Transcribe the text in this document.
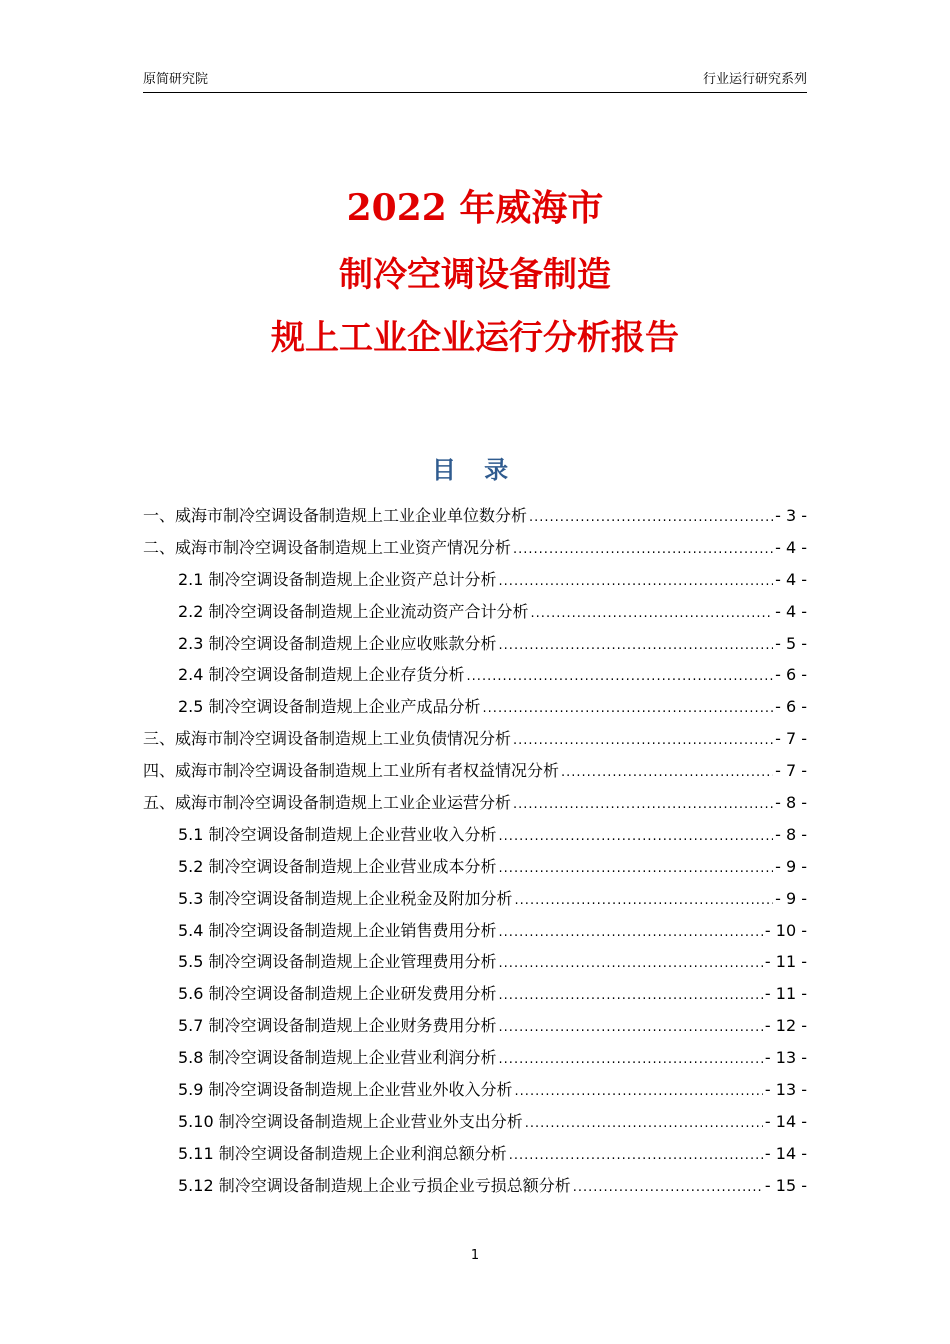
原简研究院	行业运行研究系列
2022 年威海市
制冷空调设备制造
规上工业企业运行分析报告
目 录
一、威海市制冷空调设备制造规上工业企业单位数分析 .....	- 3 -
二、威海市制冷空调设备制造规上工业资产情况分析 .....	- 4 -
2.1 制冷空调设备制造规上企业资产总计分析 .....	- 4 -
2.2 制冷空调设备制造规上企业流动资产合计分析 .....	- 4 -
2.3 制冷空调设备制造规上企业应收账款分析 .....	- 5 -
2.4 制冷空调设备制造规上企业存货分析 .....	- 6 -
2.5 制冷空调设备制造规上企业产成品分析 .....	- 6 -
三、威海市制冷空调设备制造规上工业负债情况分析 .....	- 7 -
四、威海市制冷空调设备制造规上工业所有者权益情况分析 .....	- 7 -
五、威海市制冷空调设备制造规上工业企业运营分析 .....	- 8 -
5.1 制冷空调设备制造规上企业营业收入分析 .....	- 8 -
5.2 制冷空调设备制造规上企业营业成本分析 .....	- 9 -
5.3 制冷空调设备制造规上企业税金及附加分析 .....	- 9 -
5.4 制冷空调设备制造规上企业销售费用分析 .....	- 10 -
5.5 制冷空调设备制造规上企业管理费用分析 .....	- 11 -
5.6 制冷空调设备制造规上企业研发费用分析 .....	- 11 -
5.7 制冷空调设备制造规上企业财务费用分析 .....	- 12 -
5.8 制冷空调设备制造规上企业营业利润分析 .....	- 13 -
5.9 制冷空调设备制造规上企业营业外收入分析 .....	- 13 -
5.10 制冷空调设备制造规上企业营业外支出分析 .....	- 14 -
5.11 制冷空调设备制造规上企业利润总额分析 .....	- 14 -
5.12 制冷空调设备制造规上企业亏损企业亏损总额分析 .....	- 15 -
1
